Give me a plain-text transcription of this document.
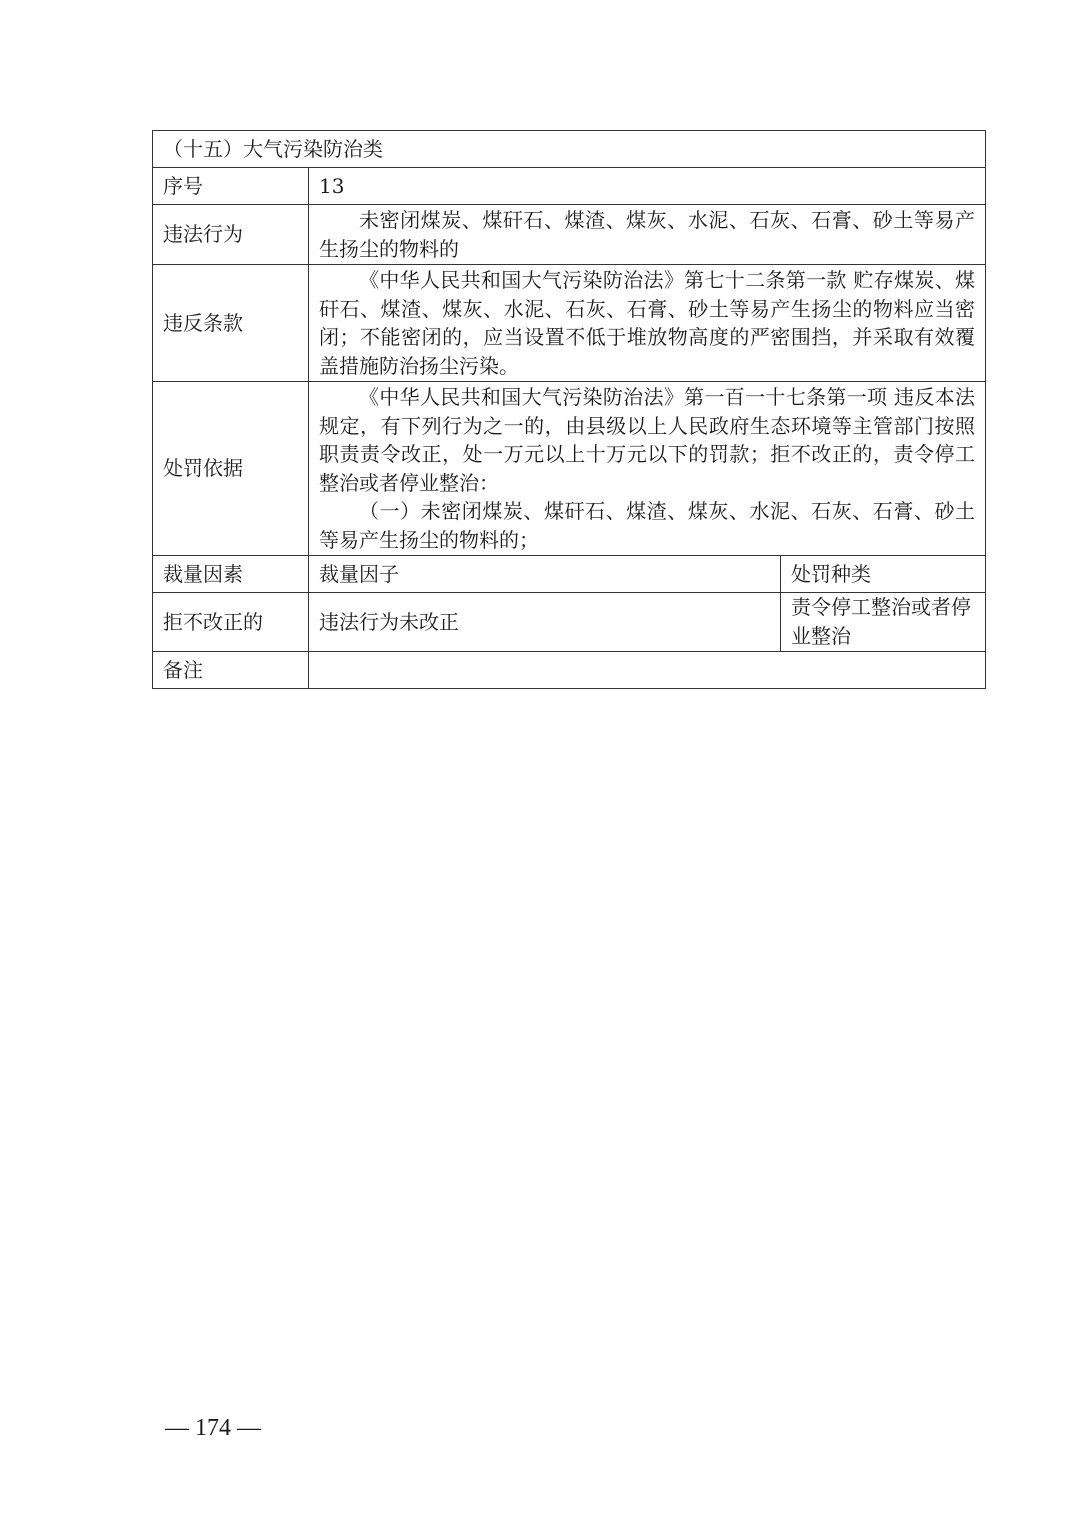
（十五）大气污染防治类		
序号	13	
违法行为	未密闭煤炭、煤矸石、煤渣、煤灰、水泥、石灰、石膏、砂土等易产生扬尘的物料的	

违反条款	《中华人民共和国大气污染防治法》第七十二条第一款 贮存煤炭、煤矸石、煤渣、煤灰、水泥、石灰、石膏、砂土等易产生扬尘的物料应当密闭；不能密闭的，应当设置不低于堆放物高度的严密围挡，并采取有效覆盖措施防治扬尘污染。	

处罚依据	《中华人民共和国大气污染防治法》第一百一十七条第一项 违反本法规定，有下列行为之一的，由县级以上人民政府生态环境等主管部门按照职责责令改正，处一万元以上十万元以下的罚款；拒不改正的，责令停工整治或者停业整治：

（一）未密闭煤炭、煤矸石、煤渣、煤灰、水泥、石灰、石膏、砂土等易产生扬尘的物料的；	

裁量因素	裁量因子	处罚种类
拒不改正的	违法行为未改正	责令停工整治或者停业整治
备注		
— 174 —
